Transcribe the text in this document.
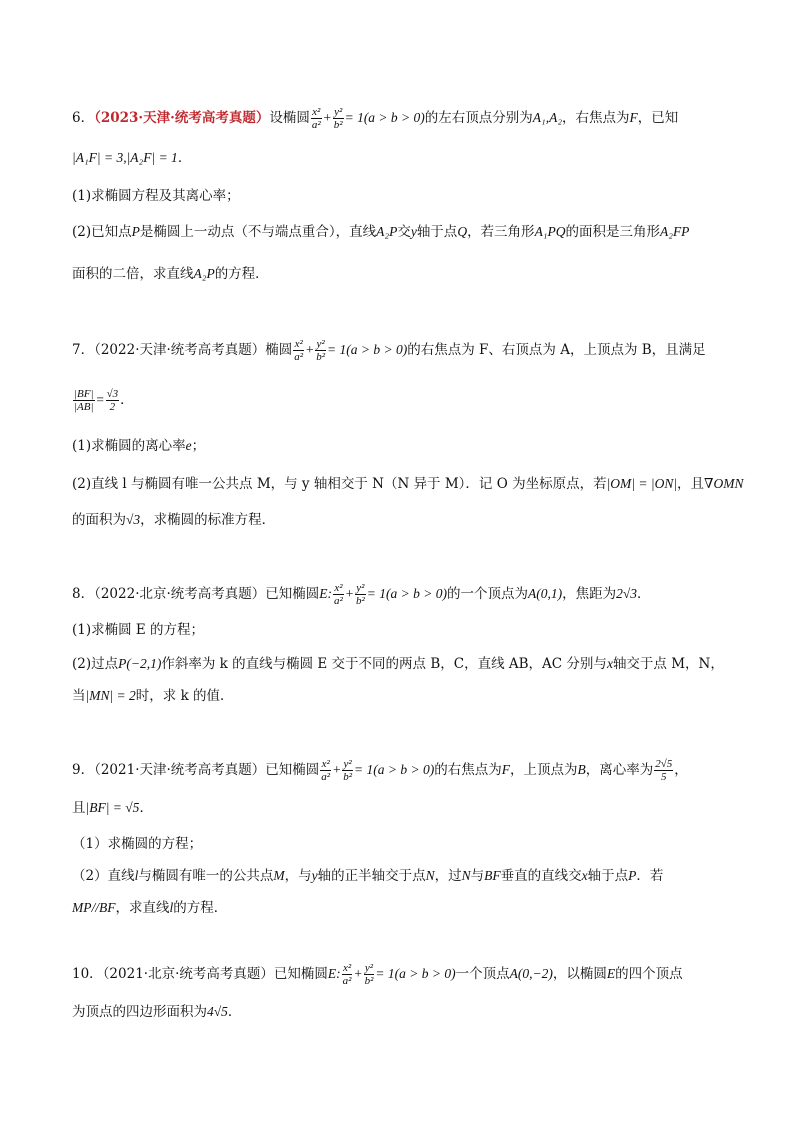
6．（2023·天津·统考高考真题）设椭圆 $\frac{\text{x²}}{\text{a²}} + \frac{\text{y²}}{\text{b²}} = 1(a > b > 0)$的左右顶点分别为A₁,A₂，右焦点为F，已知
|A₁F| = 3,|A₂F| = 1．
(1)求椭圆方程及其离心率；
(2)已知点P是椭圆上一动点（不与端点重合），直线A₂P交y轴于点Q，若三角形A₁PQ的面积是三角形A₂FP
面积的二倍，求直线A₂P的方程．
7．（2022·天津·统考高考真题）椭圆 $\frac{\text{x²}}{\text{a²}} + \frac{\text{y²}}{\text{b²}} = 1(a > b > 0)$的右焦点为 F、右顶点为 A，上顶点为 B，且满足
$\frac{|BF|}{|AB|} = \frac{√3}{2}$ ．
(1)求椭圆的离心率e；
(2)直线 l 与椭圆有唯一公共点 M，与 y 轴相交于 N（N 异于 M）．记 O 为坐标原点，若|OM| = |ON|，且∇OMN
的面积为√3，求椭圆的标准方程．
8．（2022·北京·统考高考真题）已知椭圆E: $\frac{\text{x²}}{\text{a²}} + \frac{\text{y²}}{\text{b²}} = 1(a > b > 0)$的一个顶点为A(0,1)，焦距为2√3．
(1)求椭圆 E 的方程；
(2)过点P(−2,1)作斜率为 k 的直线与椭圆 E 交于不同的两点 B，C，直线 AB，AC 分别与x轴交于点 M，N，
当|MN| = 2时，求 k 的值．
9．（2021·天津·统考高考真题）已知椭圆 $\frac{\text{x²}}{\text{a²}} + \frac{\text{y²}}{\text{b²}} = 1(a > b > 0)$的右焦点为F，上顶点为B，离心率为 $\frac{2√5}{5}$ ，
且|BF| = √5．
（1）求椭圆的方程；
（2）直线l与椭圆有唯一的公共点M，与y轴的正半轴交于点N，过N与BF垂直的直线交x轴于点P．若
MP//BF，求直线l的方程．
10．（2021·北京·统考高考真题）已知椭圆E: $\frac{\text{x²}}{\text{a²}} + \frac{\text{y²}}{\text{b²}} = 1(a > b > 0)$一个顶点A(0,−2)，以椭圆E的四个顶点
为顶点的四边形面积为4√5．
